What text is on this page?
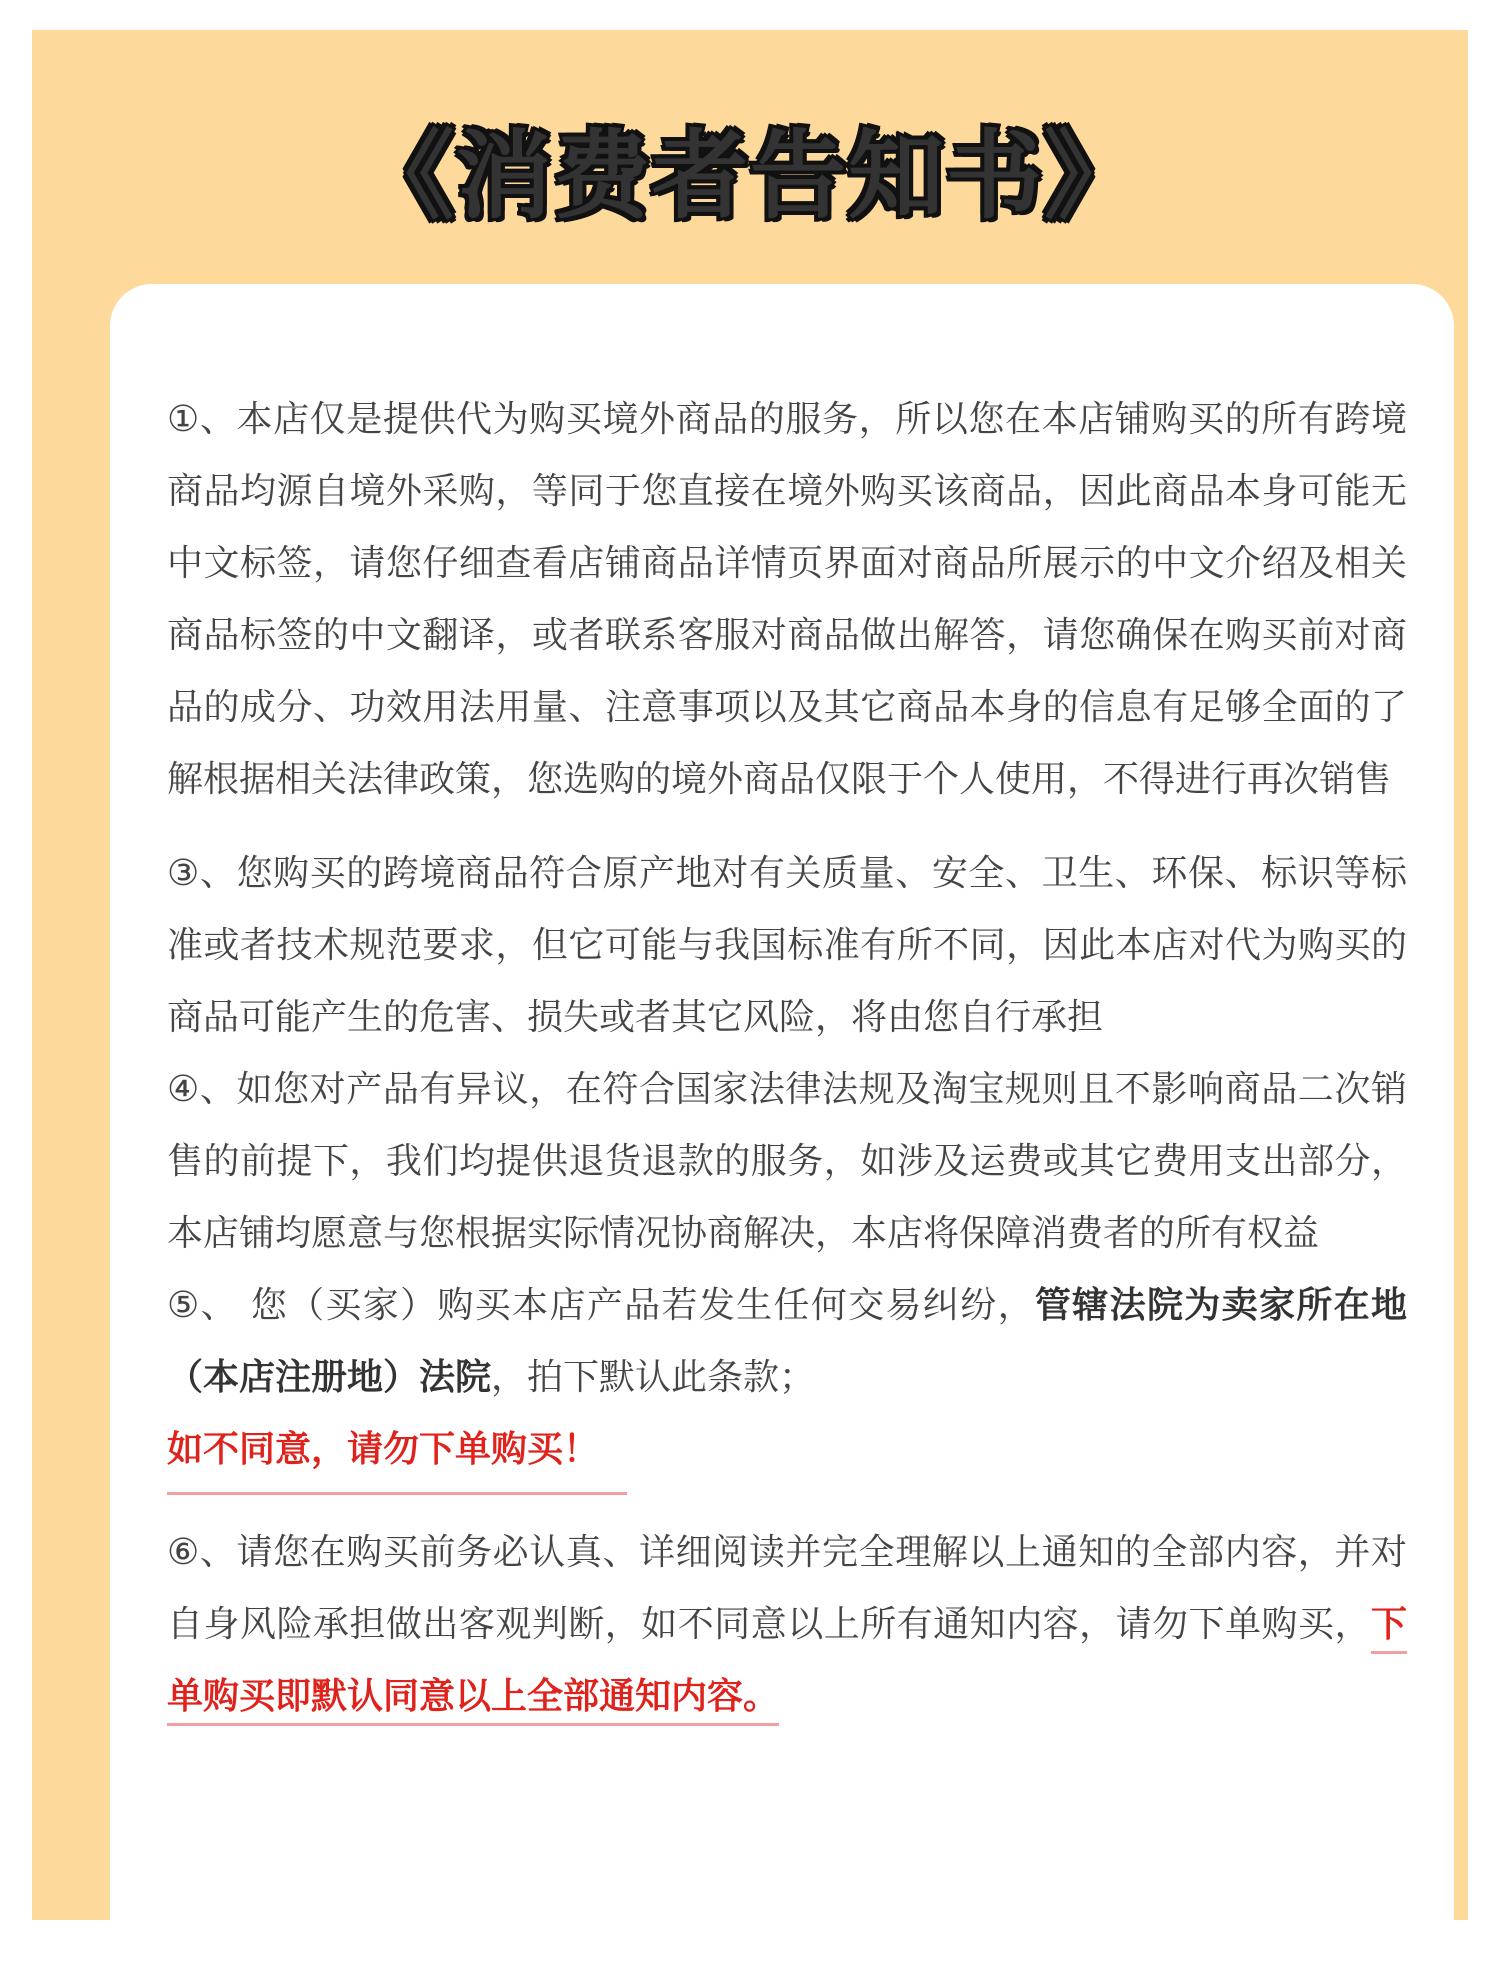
《消费者告知书》

①、本店仅是提供代为购买境外商品的服务，所以您在本店铺购买的所有跨境商品均源自境外采购，等同于您直接在境外购买该商品，因此商品本身可能无中文标签，请您仔细查看店铺商品详情页界面对商品所展示的中文介绍及相关商品标签的中文翻译，或者联系客服对商品做出解答，请您确保在购买前对商品的成分、功效用法用量、注意事项以及其它商品本身的信息有足够全面的了解根据相关法律政策，您选购的境外商品仅限于个人使用，不得进行再次销售

③、您购买的跨境商品符合原产地对有关质量、安全、卫生、环保、标识等标准或者技术规范要求，但它可能与我国标准有所不同，因此本店对代为购买的商品可能产生的危害、损失或者其它风险，将由您自行承担

④、如您对产品有异议，在符合国家法律法规及淘宝规则且不影响商品二次销售的前提下，我们均提供退货退款的服务，如涉及运费或其它费用支出部分，本店铺均愿意与您根据实际情况协商解决，本店将保障消费者的所有权益

⑤、 您（买家）购买本店产品若发生任何交易纠纷，管辖法院为卖家所在地（本店注册地）法院，拍下默认此条款；

如不同意，请勿下单购买！

⑥、请您在购买前务必认真、详细阅读并完全理解以上通知的全部内容，并对自身风险承担做出客观判断，如不同意以上所有通知内容，请勿下单购买，下单购买即默认同意以上全部通知内容。
